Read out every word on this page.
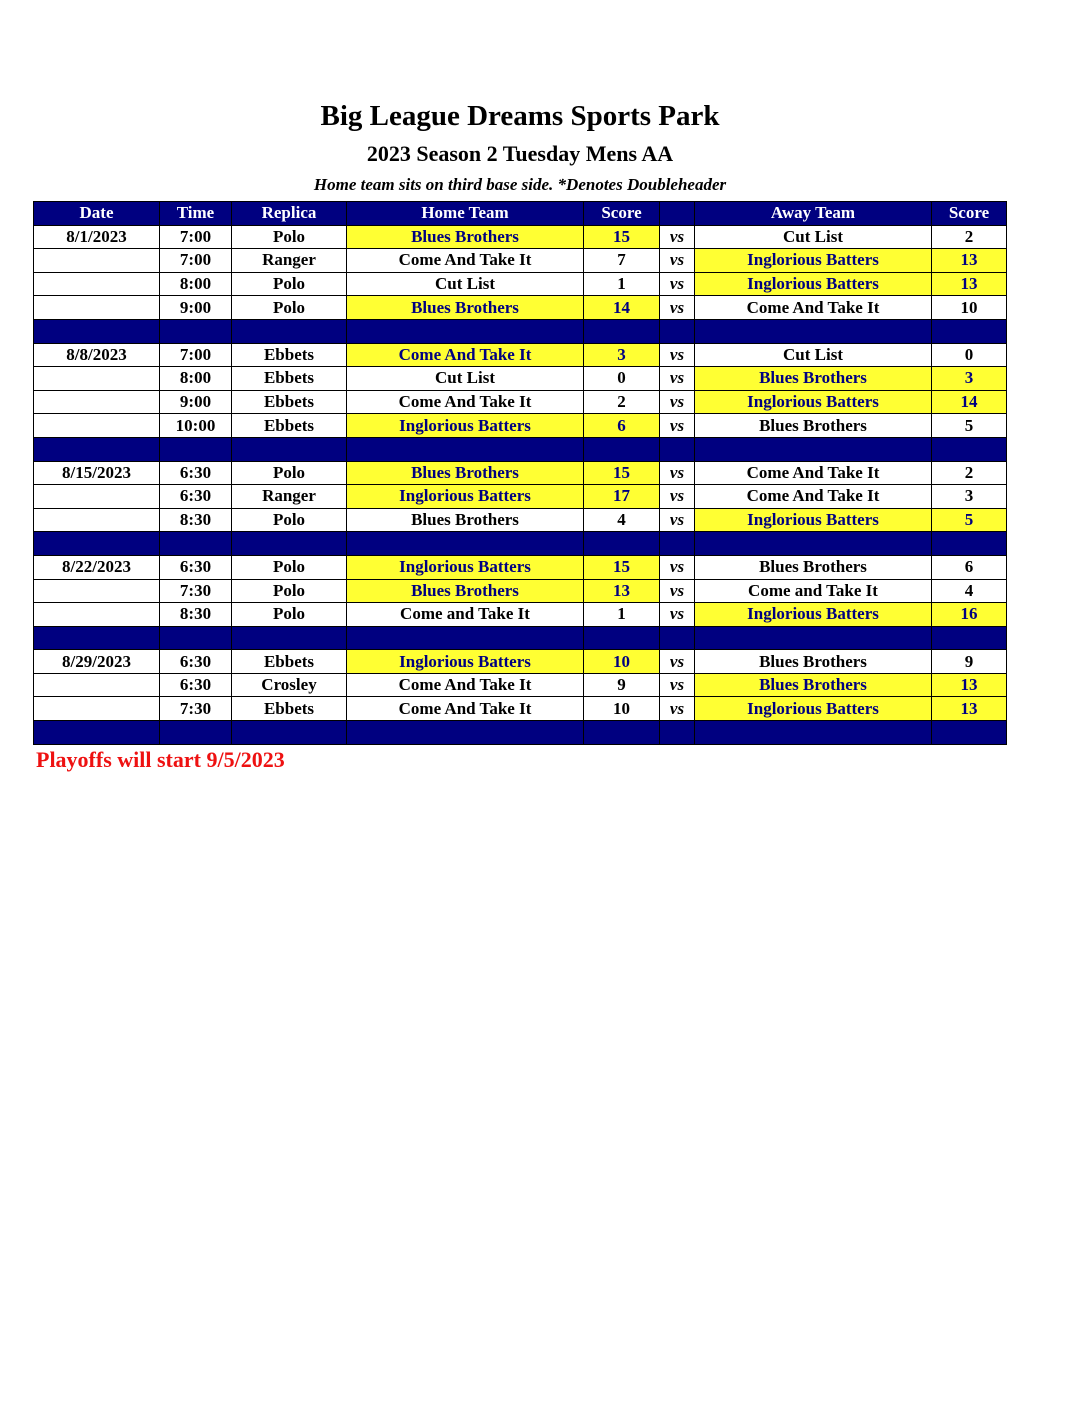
Big League Dreams Sports Park
2023 Season 2 Tuesday Mens AA
Home team sits on third base side. *Denotes Doubleheader
Date	Time	Replica	Home Team	Score		Away Team	Score
8/1/2023	7:00	Polo	Blues Brothers	15	vs	Cut List	2
	7:00	Ranger	Come And Take It	7	vs	Inglorious Batters	13
	8:00	Polo	Cut List	1	vs	Inglorious Batters	13
	9:00	Polo	Blues Brothers	14	vs	Come And Take It	10

8/8/2023	7:00	Ebbets	Come And Take It	3	vs	Cut List	0
	8:00	Ebbets	Cut List	0	vs	Blues Brothers	3
	9:00	Ebbets	Come And Take It	2	vs	Inglorious Batters	14
	10:00	Ebbets	Inglorious Batters	6	vs	Blues Brothers	5

8/15/2023	6:30	Polo	Blues Brothers	15	vs	Come And Take It	2
	6:30	Ranger	Inglorious Batters	17	vs	Come And Take It	3
	8:30	Polo	Blues Brothers	4	vs	Inglorious Batters	5

8/22/2023	6:30	Polo	Inglorious Batters	15	vs	Blues Brothers	6
	7:30	Polo	Blues Brothers	13	vs	Come and Take It	4
	8:30	Polo	Come and Take It	1	vs	Inglorious Batters	16

8/29/2023	6:30	Ebbets	Inglorious Batters	10	vs	Blues Brothers	9
	6:30	Crosley	Come And Take It	9	vs	Blues Brothers	13
	7:30	Ebbets	Come And Take It	10	vs	Inglorious Batters	13

Playoffs will start 9/5/2023
